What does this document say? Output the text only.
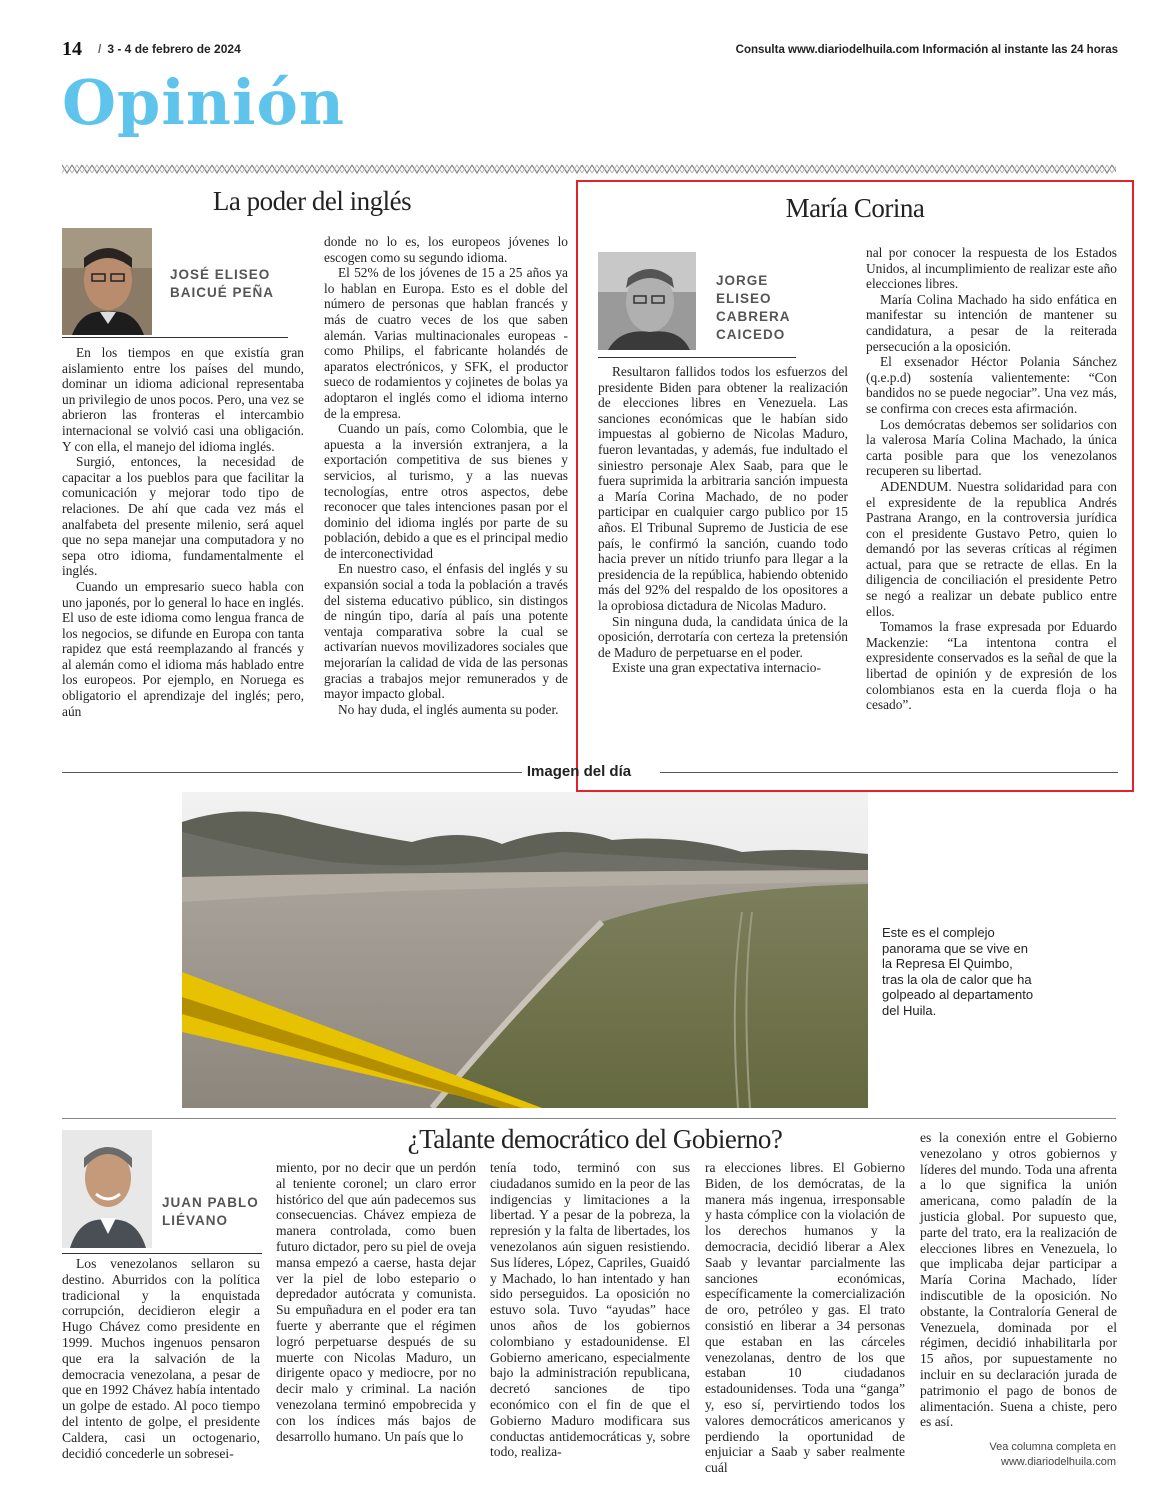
14 / 3 - 4 de febrero de 2024	Consulta www.diariodelhuila.com Información al instante las 24 horas
Opinión
La poder del inglés
JOSÉ ELISEO
BAICUÉ PEÑA

En los tiempos en que existía gran aislamiento entre los países del mundo, dominar un idioma adicional representaba un privilegio de unos pocos. Pero, una vez se abrieron las fronteras el intercambio internacional se volvió casi una obligación. Y con ella, el manejo del idioma inglés.

Surgió, entonces, la necesidad de capacitar a los pueblos para que facilitar la comunicación y mejorar todo tipo de relaciones. De ahí que cada vez más el analfabeta del presente milenio, será aquel que no sepa manejar una computadora y no sepa otro idioma, fundamentalmente el inglés.

Cuando un empresario sueco habla con uno japonés, por lo general lo hace en inglés. El uso de este idioma como lengua franca de los negocios, se difunde en Europa con tanta rapidez que está reemplazando al francés y al alemán como el idioma más hablado entre los europeos. Por ejemplo, en Noruega es obligatorio el aprendizaje del inglés; pero, aún

donde no lo es, los europeos jóvenes lo escogen como su segundo idioma.

El 52% de los jóvenes de 15 a 25 años ya lo hablan en Europa. Esto es el doble del número de personas que hablan francés y más de cuatro veces de los que saben alemán. Varias multinacionales europeas -como Philips, el fabricante holandés de aparatos electrónicos, y SFK, el productor sueco de rodamientos y cojinetes de bolas ya adoptaron el inglés como el idioma interno de la empresa.

Cuando un país, como Colombia, que le apuesta a la inversión extranjera, a la exportación competitiva de sus bienes y servicios, al turismo, y a las nuevas tecnologías, entre otros aspectos, debe reconocer que tales intenciones pasan por el dominio del idioma inglés por parte de su población, debido a que es el principal medio de interconectividad

En nuestro caso, el énfasis del inglés y su expansión social a toda la población a través del sistema educativo público, sin distingos de ningún tipo, daría al país una potente ventaja comparativa sobre la cual se activarían nuevos movilizadores sociales que mejorarían la calidad de vida de las personas gracias a trabajos mejor remunerados y de mayor impacto global.

No hay duda, el inglés aumenta su poder.

María Corina
JORGE
ELISEO
CABRERA
CAICEDO

Resultaron fallidos todos los esfuerzos del presidente Biden para obtener la realización de elecciones libres en Venezuela. Las sanciones económicas que le habían sido impuestas al gobierno de Nicolas Maduro, fueron levantadas, y además, fue indultado el siniestro personaje Alex Saab, para que le fuera suprimida la arbitraria sanción impuesta a María Corina Machado, de no poder participar en cualquier cargo publico por 15 años. El Tribunal Supremo de Justicia de ese país, le confirmó la sanción, cuando todo hacia prever un nítido triunfo para llegar a la presidencia de la república, habiendo obtenido más del 92% del respaldo de los opositores a la oprobiosa dictadura de Nicolas Maduro.

Sin ninguna duda, la candidata única de la oposición, derrotaría con certeza la pretensión de Maduro de perpetuarse en el poder.

Existe una gran expectativa internacio-

nal por conocer la respuesta de los Estados Unidos, al incumplimiento de realizar este año elecciones libres.

María Colina Machado ha sido enfática en manifestar su intención de mantener su candidatura, a pesar de la reiterada persecución a la oposición.

El exsenador Héctor Polania Sánchez (q.e.p.d) sostenía valientemente: “Con bandidos no se puede negociar”. Una vez más, se confirma con creces esta afirmación.

Los demócratas debemos ser solidarios con la valerosa María Colina Machado, la única carta posible para que los venezolanos recuperen su libertad.

ADENDUM. Nuestra solidaridad para con el expresidente de la republica Andrés Pastrana Arango, en la controversia jurídica con el presidente Gustavo Petro, quien lo demandó por las severas críticas al régimen actual, para que se retracte de ellas. En la diligencia de conciliación el presidente Petro se negó a realizar un debate publico entre ellos.

Tomamos la frase expresada por Eduardo Mackenzie: “La intentona contra el expresidente conservados es la señal de que la libertad de opinión y de expresión de los colombianos esta en la cuerda floja o ha cesado”.

Imagen del día
Este es el complejo panorama que se vive en la Represa El Quimbo, tras la ola de calor que ha golpeado al departamento del Huila.
¿Talante democrático del Gobierno?
JUAN PABLO
LIÉVANO

Los venezolanos sellaron su destino. Aburridos con la política tradicional y la enquistada corrupción, decidieron elegir a Hugo Chávez como presidente en 1999. Muchos ingenuos pensaron que era la salvación de la democracia venezolana, a pesar de que en 1992 Chávez había intentado un golpe de estado. Al poco tiempo del intento de golpe, el presidente Caldera, casi un octogenario, decidió concederle un sobresei-

miento, por no decir que un perdón al teniente coronel; un claro error histórico del que aún padecemos sus consecuencias. Chávez empieza de manera controlada, como buen futuro dictador, pero su piel de oveja mansa empezó a caerse, hasta dejar ver la piel de lobo estepario o depredador autócrata y comunista. Su empuñadura en el poder era tan fuerte y aberrante que el régimen logró perpetuarse después de su muerte con Nicolas Maduro, un dirigente opaco y mediocre, por no decir malo y criminal. La nación venezolana terminó empobrecida y con los índices más bajos de desarrollo humano. Un país que lo

tenía todo, terminó con sus ciudadanos sumido en la peor de las indigencias y limitaciones a la libertad. Y a pesar de la pobreza, la represión y la falta de libertades, los venezolanos aún siguen resistiendo. Sus líderes, López, Capriles, Guaidó y Machado, lo han intentado y han sido perseguidos. La oposición no estuvo sola. Tuvo “ayudas” hace unos años de los gobiernos colombiano y estadounidense. El Gobierno americano, especialmente bajo la administración republicana, decretó sanciones de tipo económico con el fin de que el Gobierno Maduro modificara sus conductas antidemocráticas y, sobre todo, realiza-

ra elecciones libres. El Gobierno Biden, de los demócratas, de la manera más ingenua, irresponsable y hasta cómplice con la violación de los derechos humanos y la democracia, decidió liberar a Alex Saab y levantar parcialmente las sanciones económicas, específicamente la comercialización de oro, petróleo y gas. El trato consistió en liberar a 34 personas que estaban en las cárceles venezolanas, dentro de los que estaban 10 ciudadanos estadounidenses. Toda una “ganga” y, eso sí, pervirtiendo todos los valores democráticos americanos y perdiendo la oportunidad de enjuiciar a Saab y saber realmente cuál

es la conexión entre el Gobierno venezolano y otros gobiernos y líderes del mundo. Toda una afrenta a lo que significa la unión americana, como paladín de la justicia global. Por supuesto que, parte del trato, era la realización de elecciones libres en Venezuela, lo que implicaba dejar participar a María Corina Machado, líder indiscutible de la oposición. No obstante, la Contraloría General de Venezuela, dominada por el régimen, decidió inhabilitarla por 15 años, por supuestamente no incluir en su declaración jurada de patrimonio el pago de bonos de alimentación. Suena a chiste, pero es así.

Vea columna completa en
www.diariodelhuila.com
